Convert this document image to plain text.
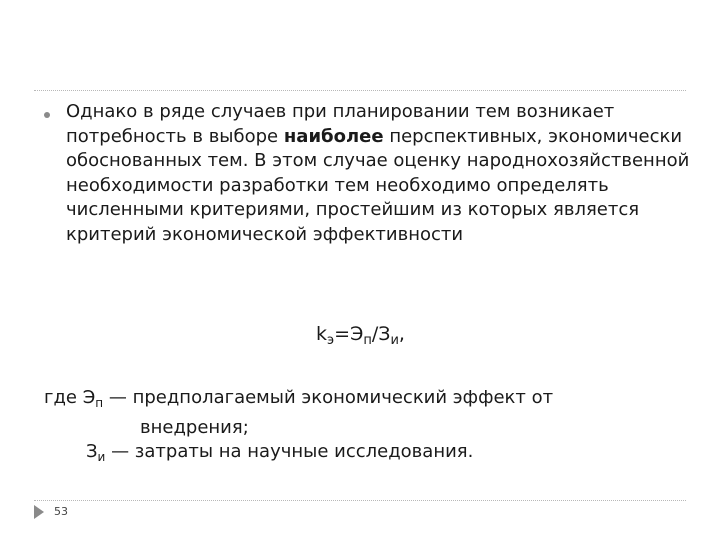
Однако в ряде случаев при планировании тем возникает потребность в выборе наиболее перспективных, экономически обоснованных тем. В этом случае оценку народнохозяйственной необходимости разработки тем необходимо определять численными критериями, простейшим из которых является критерий экономической эффективности
$k_э=Э_п/З_и$,
где $Э_п$ — предполагаемый экономический эффект от
внедрения;
$З_и$ — затраты на научные исследования.
53
